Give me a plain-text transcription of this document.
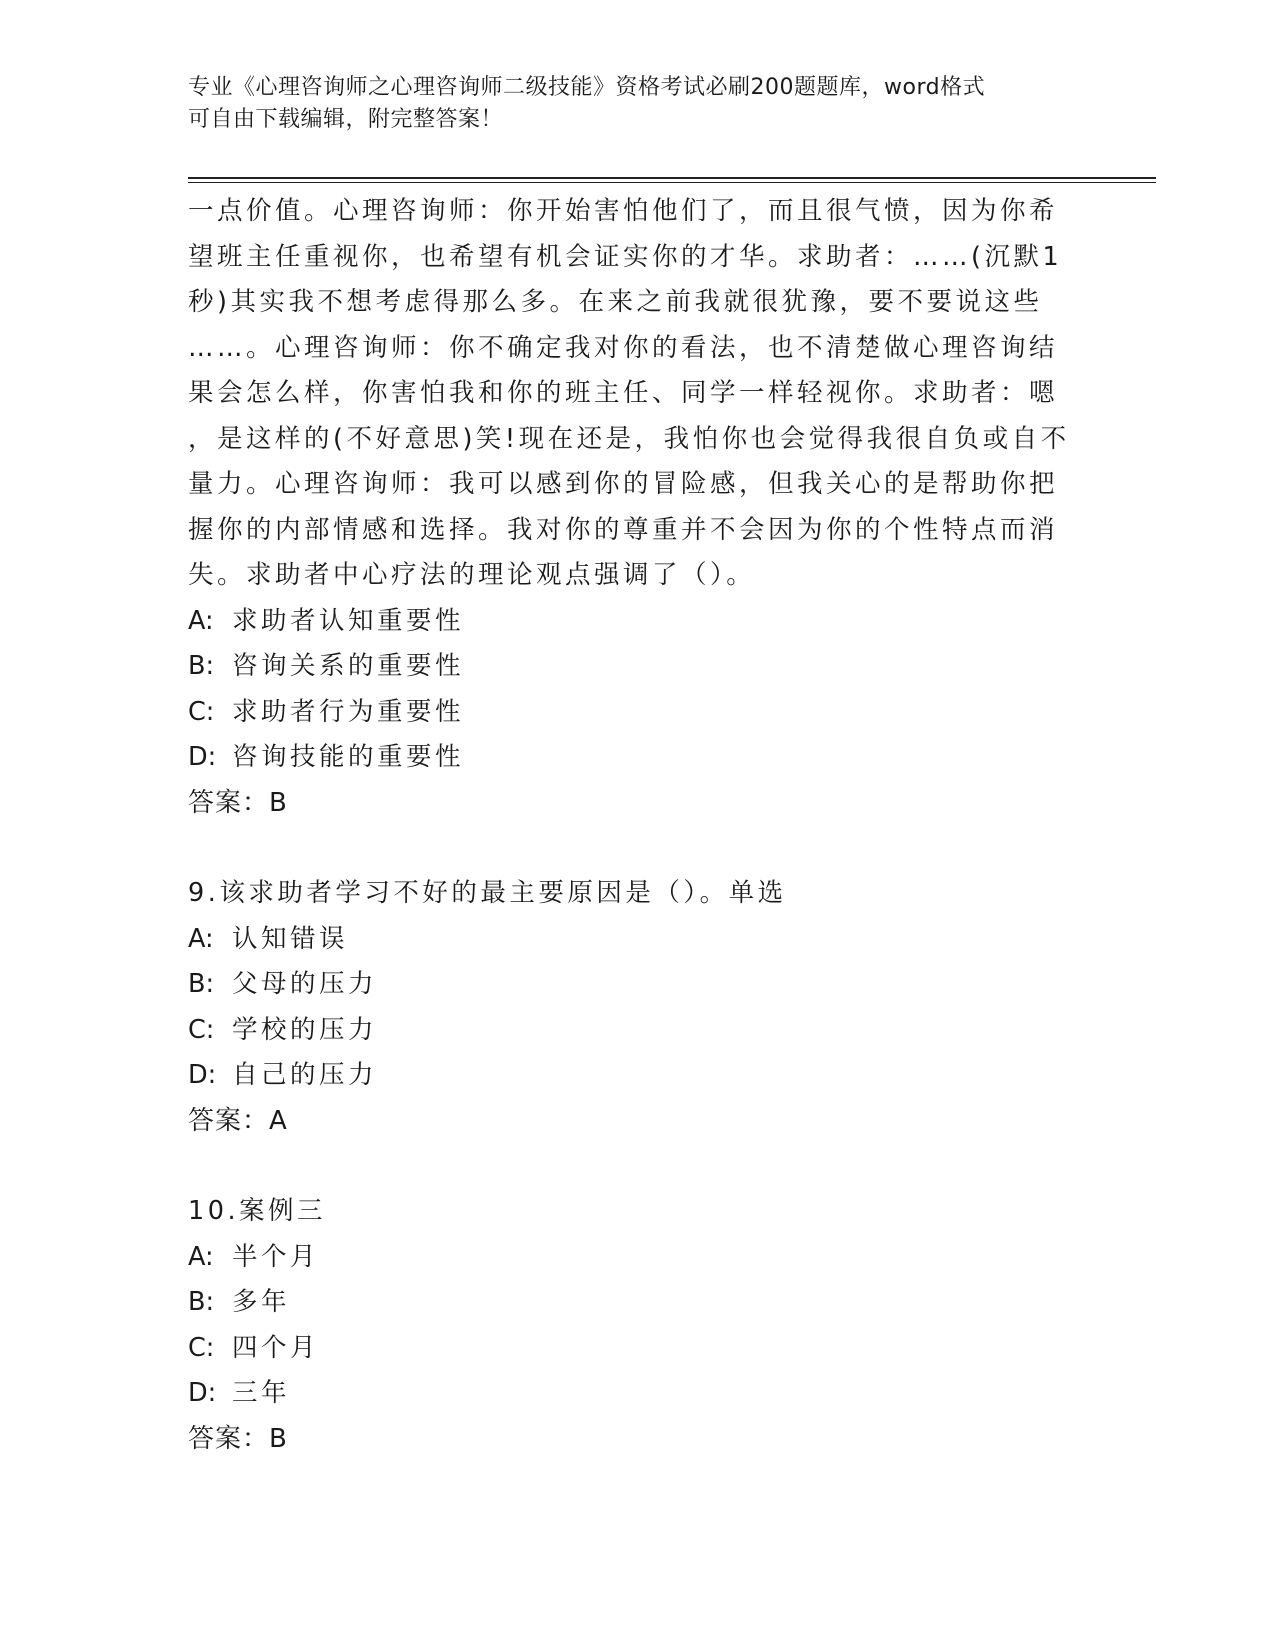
专业《心理咨询师之心理咨询师二级技能》资格考试必刷200题题库，word格式
可自由下载编辑，附完整答案！

一点价值。心理咨询师：你开始害怕他们了，而且很气愤，因为你希

望班主任重视你，也希望有机会证实你的才华。求助者：……(沉默1

秒)其实我不想考虑得那么多。在来之前我就很犹豫，要不要说这些

……。心理咨询师：你不确定我对你的看法，也不清楚做心理咨询结

果会怎么样，你害怕我和你的班主任、同学一样轻视你。求助者：嗯

，是这样的(不好意思)笑!现在还是，我怕你也会觉得我很自负或自不

量力。心理咨询师：我可以感到你的冒险感，但我关心的是帮助你把

握你的内部情感和选择。我对你的尊重并不会因为你的个性特点而消

失。求助者中心疗法的理论观点强调了（）。

A: 求助者认知重要性

B: 咨询关系的重要性

C: 求助者行为重要性

D: 咨询技能的重要性

答案：B

9.该求助者学习不好的最主要原因是（）。单选

A: 认知错误

B: 父母的压力

C: 学校的压力

D: 自己的压力

答案：A

10.案例三

A: 半个月

B: 多年

C: 四个月

D: 三年

答案：B
